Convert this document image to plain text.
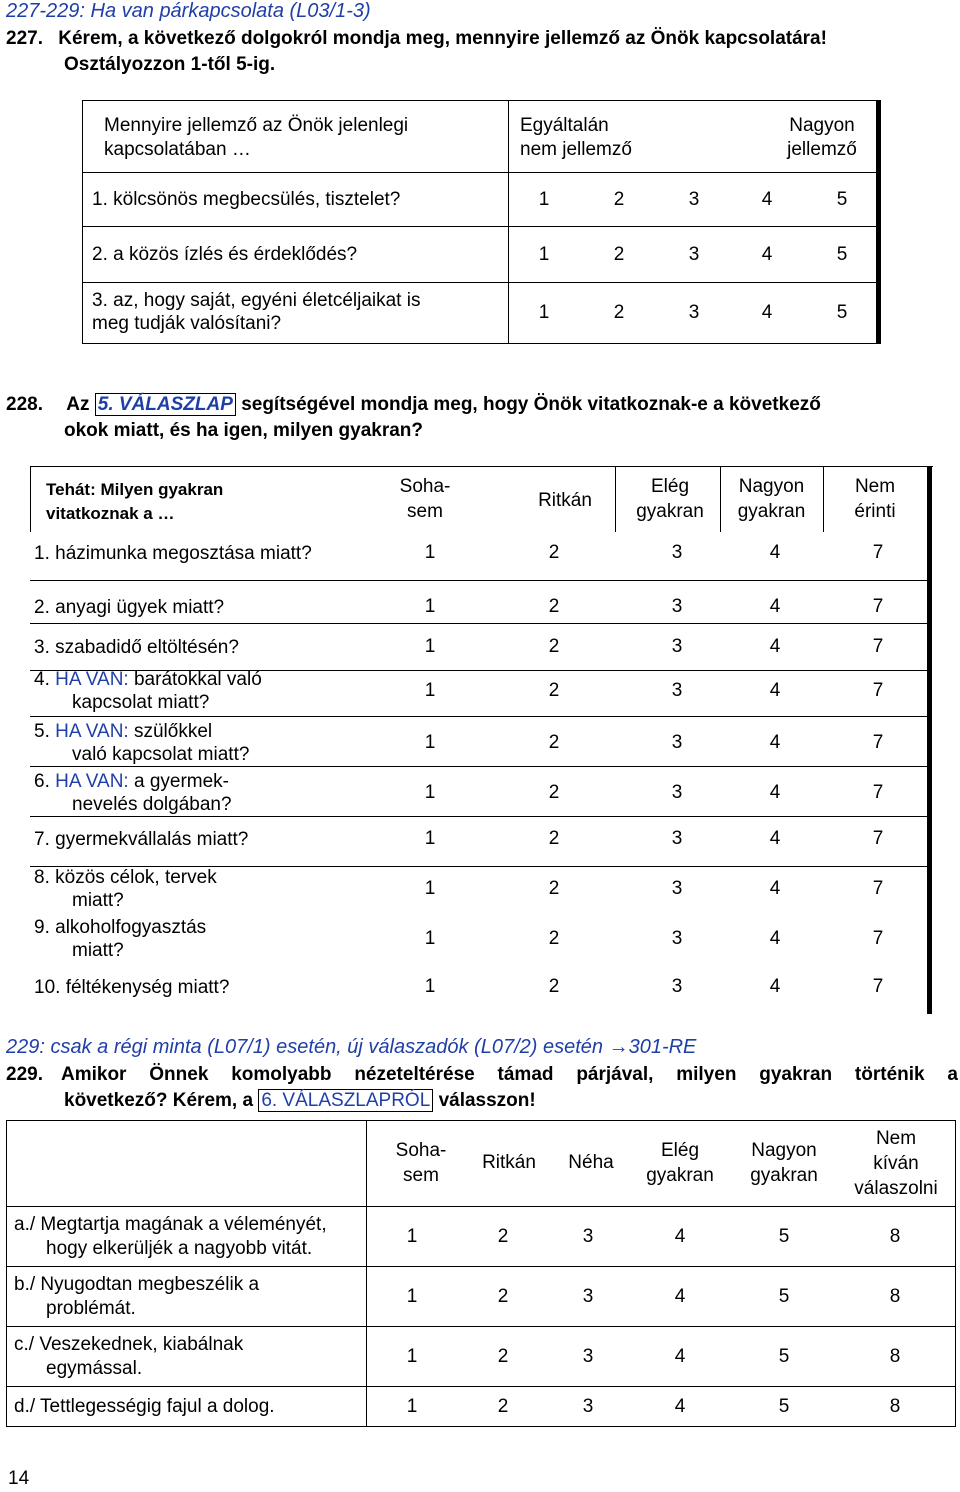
227-229: Ha van párkapcsolata (L03/1-3)
227. Kérem, a következő dolgokról mondja meg, mennyire jellemző az Önök kapcsolatára!
Osztályozzon 1-től 5-ig.
Mennyire jellemző az Önök jelenlegi
kapcsolatában …
Egyáltalán
nem jellemző
Nagyon
jellemző
1. kölcsönös megbecsülés, tisztelet?	1	2	3	4	5
2. a közös ízlés és érdeklődés?	1	2	3	4	5
3. az, hogy saját, egyéni életcéljaikat is
meg tudják valósítani?
1	2	3	4	5
228. Az 5. VÁLASZLAP segítségével mondja meg, hogy Önök vitatkoznak-e a következő
okok miatt, és ha igen, milyen gyakran?
Tehát: Milyen gyakran
vitatkoznak a …
Soha-
sem
Ritkán
Elég
gyakran
Nagyon
gyakran
Nem
érinti
1. házimunka megosztása miatt?	1	2	3	4	7
2. anyagi ügyek miatt?	1	2	3	4	7
3. szabadidő eltöltésén?	1	2	3	4	7
4. HA VAN: barátokkal való
kapcsolat miatt?
1	2	3	4	7
5. HA VAN: szülőkkel
való kapcsolat miatt?
1	2	3	4	7
6. HA VAN: a gyermek-
nevelés dolgában?
1	2	3	4	7
7. gyermekvállalás miatt?	1	2	3	4	7
8. közös célok, tervek
miatt?
1	2	3	4	7
9. alkoholfogyasztás
miatt?
1	2	3	4	7
10. féltékenység miatt?	1	2	3	4	7
229: csak a régi minta (L07/1) esetén, új válaszadók (L07/2) esetén →301-RE
229. Amikor Önnek komolyabb nézeteltérése támad párjával, milyen gyakran történik a
következő? Kérem, a 6. VÁLASZLAPRÓL válasszon!
Soha-
sem
Ritkán	Néha
Elég
gyakran
Nagyon
gyakran
Nem
kíván
válaszolni
a./ Megtartja magának a véleményét,
hogy elkerüljék a nagyobb vitát.
1	2	3	4	5	8
b./ Nyugodtan megbeszélik a
problémát.
1	2	3	4	5	8
c./ Veszekednek, kiabálnak
egymással.
1	2	3	4	5	8
d./ Tettlegességig fajul a dolog.	1	2	3	4	5	8
14
